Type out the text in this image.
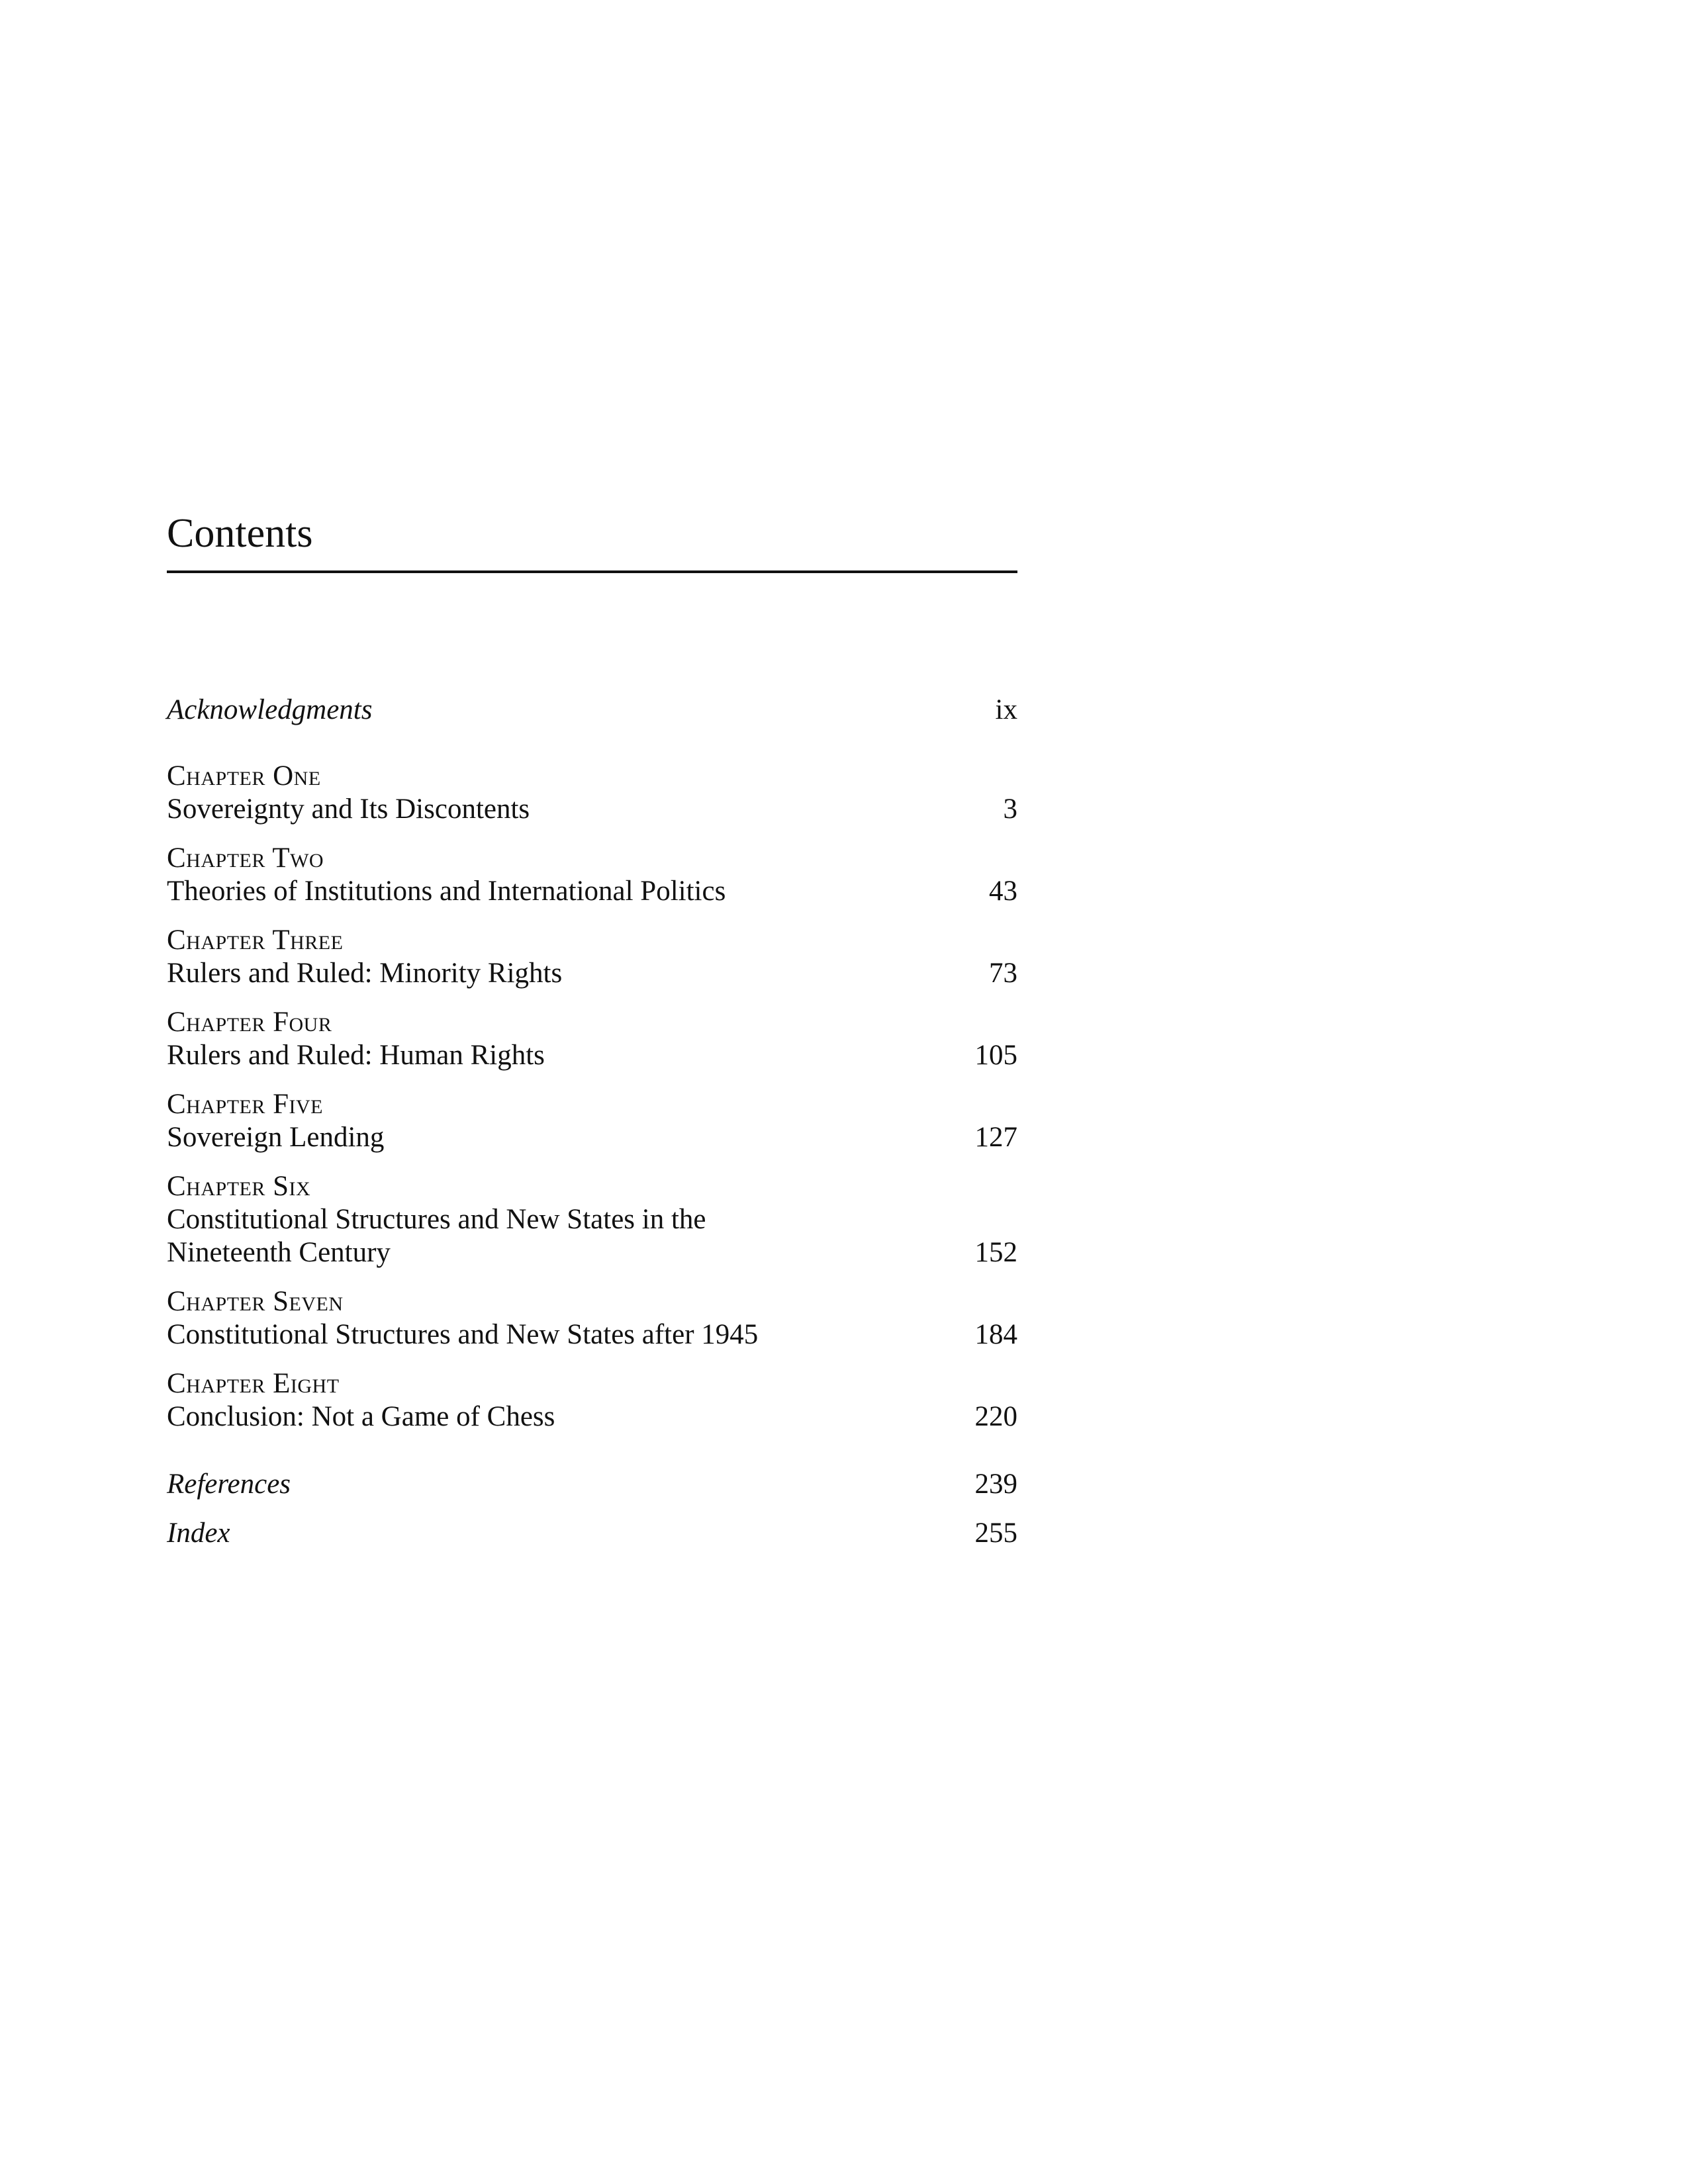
Contents
Acknowledgments	ix
Chapter One
Sovereignty and Its Discontents	3
Chapter Two
Theories of Institutions and International Politics	43
Chapter Three
Rulers and Ruled: Minority Rights	73
Chapter Four
Rulers and Ruled: Human Rights	105
Chapter Five
Sovereign Lending	127
Chapter Six
Constitutional Structures and New States in the
Nineteenth Century	152
Chapter Seven
Constitutional Structures and New States after 1945	184
Chapter Eight
Conclusion: Not a Game of Chess	220
References	239
Index	255
